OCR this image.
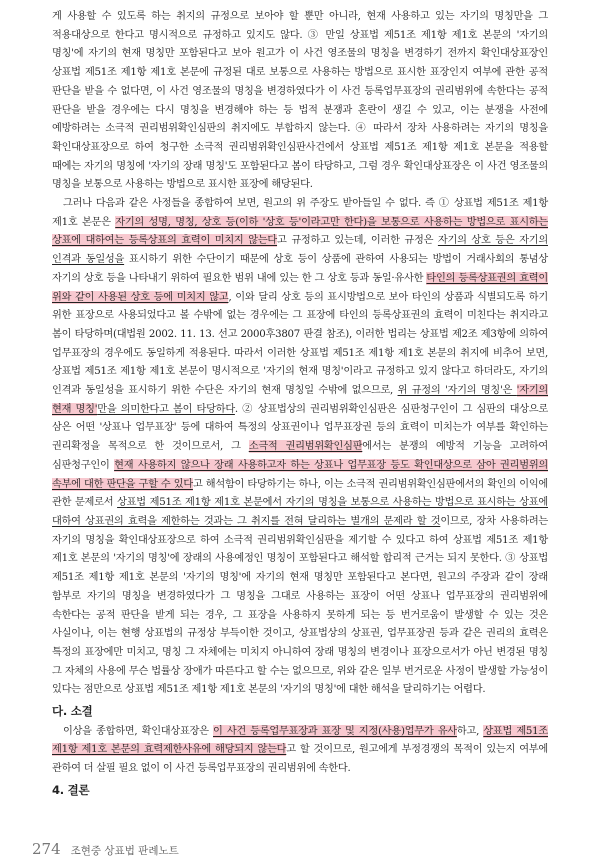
게 사용할 수 있도록 하는 취지의 규정으로 보아야 할 뿐만 아니라, 현재 사용하고 있는 자기의 명칭만을 그 적용대상으로 한다고 명시적으로 규정하고 있지도 않다. ③ 만일 상표법 제51조 제1항 제1호 본문의 '자기의 명칭'에 자기의 현재 명칭만 포함된다고 보아 원고가 이 사건 영조물의 명칭을 변경하기 전까지 확인대상표장인 상표법 제51조 제1항 제1호 본문에 규정된 대로 보통으로 사용하는 방법으로 표시한 표장인지 여부에 관한 공적 판단을 받을 수 없다면, 이 사건 영조물의 명칭을 변경하였다가 이 사건 등록업무표장의 권리범위에 속한다는 공적 판단을 받을 경우에는 다시 명칭을 변경해야 하는 등 법적 분쟁과 혼란이 생길 수 있고, 이는 분쟁을 사전에 예방하려는 소극적 권리범위확인심판의 취지에도 부합하지 않는다. ④ 따라서 장차 사용하려는 자기의 명칭을 확인대상표장으로 하여 청구한 소극적 권리범위확인심판사건에서 상표법 제51조 제1항 제1호 본문을 적용할 때에는 자기의 명칭에 '자기의 장래 명칭'도 포함된다고 봄이 타당하고, 그럼 경우 확인대상표장은 이 사건 영조물의 명칭을 보통으로 사용하는 방법으로 표시한 표장에 해당된다.

그러나 다음과 같은 사정들을 종합하여 보면, 원고의 위 주장도 받아들일 수 없다. 즉 ① 상표법 제51조 제1항 제1호 본문은 자기의 성명, 명칭, 상호 등(이하 '상호 등'이라고만 한다)을 보통으로 사용하는 방법으로 표시하는 상표에 대하여는 등록상표의 효력이 미치지 않는다고 규정하고 있는데, 이러한 규정은 자기의 상호 등은 자기의 인격과 동일성을 표시하기 위한 수단이기 때문에 상호 등이 상품에 관하여 사용되는 방법이 거래사회의 통념상 자기의 상호 등을 나타내기 위하여 필요한 범위 내에 있는 한 그 상호 등과 동일·유사한 타인의 등록상표권의 효력이 위와 같이 사용된 상호 등에 미치지 않고, 이와 달리 상호 등의 표시방법으로 보아 타인의 상품과 식별되도록 하기 위한 표장으로 사용되었다고 볼 수밖에 없는 경우에는 그 표장에 타인의 등록상표권의 효력이 미친다는 취지라고 봄이 타당하며(대법원 2002. 11. 13. 선고 2000후3807 판결 참조), 이러한 법리는 상표법 제2조 제3항에 의하여 업무표장의 경우에도 동일하게 적용된다. 따라서 이러한 상표법 제51조 제1항 제1호 본문의 취지에 비추어 보면, 상표법 제51조 제1항 제1호 본문이 명시적으로 '자기의 현재 명칭'이라고 규정하고 있지 않다고 하더라도, 자기의 인격과 동일성을 표시하기 위한 수단은 자기의 현재 명칭일 수밖에 없으므로, 위 규정의 '자기의 명칭'은 '자기의 현재 명칭'만을 의미한다고 봄이 타당하다. ② 상표법상의 권리범위확인심판은 심판청구인이 그 심판의 대상으로 삼은 어떤 '상표나 업무표장' 등에 대하여 특정의 상표권이나 업무표장권 등의 효력이 미치는가 여부를 확인하는 권리확정을 목적으로 한 것이므로서, 그 소극적 권리범위확인심판에서는 분쟁의 예방적 기능을 고려하여 심판청구인이 현재 사용하지 않으나 장래 사용하고자 하는 상표나 업무표장 등도 확인대상으로 삼아 권리범위의 속부에 대한 판단을 구할 수 있다고 해석함이 타당하기는 하나, 이는 소극적 권리범위확인심판에서의 확인의 이익에 관한 문제로서 상표법 제51조 제1항 제1호 본문에서 자기의 명칭을 보통으로 사용하는 방법으로 표시하는 상표에 대하여 상표권의 효력을 제한하는 것과는 그 취지를 전혀 달리하는 별개의 문제라 할 것이므로, 장차 사용하려는 자기의 명칭을 확인대상표장으로 하여 소극적 권리범위확인심판을 제기할 수 있다고 하여 상표법 제51조 제1항 제1호 본문의 '자기의 명칭'에 장래의 사용예정인 명칭이 포함된다고 해석할 합리적 근거는 되지 못한다. ③ 상표법 제51조 제1항 제1호 본문의 '자기의 명칭'에 자기의 현재 명칭만 포함된다고 본다면, 원고의 주장과 같이 장래 함부로 자기의 명칭을 변경하였다가 그 명칭을 그대로 사용하는 표장이 어떤 상표나 업무표장의 권리범위에 속한다는 공적 판단을 받게 되는 경우, 그 표장을 사용하지 못하게 되는 등 번거로움이 발생할 수 있는 것은 사실이나, 이는 현행 상표법의 규정상 부득이한 것이고, 상표법상의 상표권, 업무표장권 등과 같은 권리의 효력은 특정의 표장에만 미치고, 명칭 그 자체에는 미치지 아니하여 장래 명칭의 변경이나 표장으로서가 아닌 변경된 명칭 그 자체의 사용에 무슨 법률상 장애가 따른다고 할 수는 없으므로, 위와 같은 일부 번거로운 사정이 발생할 가능성이 있다는 점만으로 상표법 제51조 제1항 제1호 본문의 '자기의 명칭'에 대한 해석을 달리하기는 어렵다.

다. 소결

이상을 종합하면, 확인대상표장은 이 사건 등록업무표장과 표장 및 지정(사용)업무가 유사하고, 상표법 제51조 제1항 제1호 본문의 효력제한사유에 해당되지 않는다고 할 것이므로, 원고에게 부정경쟁의 목적이 있는지 여부에 관하여 더 살필 필요 없이 이 사건 등록업무표장의 권리범위에 속한다.

4. 결론
274 조현중 상표법 판례노트
